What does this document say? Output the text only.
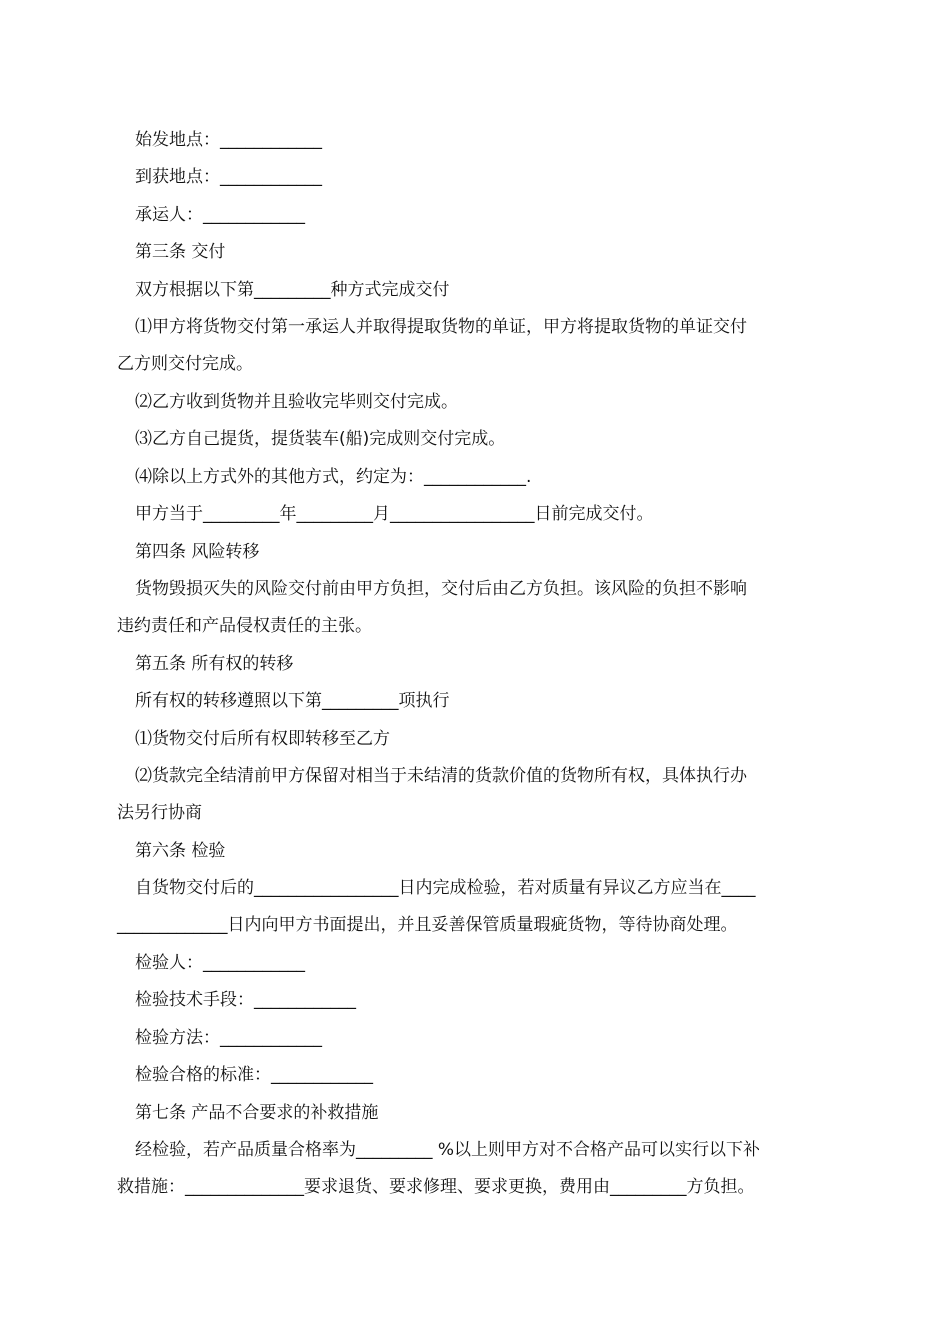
始发地点：____________
到获地点：____________
承运人：____________
第三条 交付
双方根据以下第_________种方式完成交付
⑴甲方将货物交付第一承运人并取得提取货物的单证，甲方将提取货物的单证交付
乙方则交付完成。
⑵乙方收到货物并且验收完毕则交付完成。
⑶乙方自己提货，提货装车(船)完成则交付完成。
⑷除以上方式外的其他方式，约定为：____________.
甲方当于_________年_________月_________________日前完成交付。
第四条 风险转移
货物毁损灭失的风险交付前由甲方负担，交付后由乙方负担。该风险的负担不影响
违约责任和产品侵权责任的主张。
第五条 所有权的转移
所有权的转移遵照以下第_________项执行
⑴货物交付后所有权即转移至乙方
⑵货款完全结清前甲方保留对相当于未结清的货款价值的货物所有权，具体执行办
法另行协商
第六条 检验
自货物交付后的_________________日内完成检验，若对质量有异议乙方应当在____
_____________日内向甲方书面提出，并且妥善保管质量瑕疵货物，等待协商处理。
检验人：____________
检验技术手段：____________
检验方法：____________
检验合格的标准：____________
第七条 产品不合要求的补救措施
经检验，若产品质量合格率为_________ %以上则甲方对不合格产品可以实行以下补
救措施：______________要求退货、要求修理、要求更换，费用由_________方负担。
